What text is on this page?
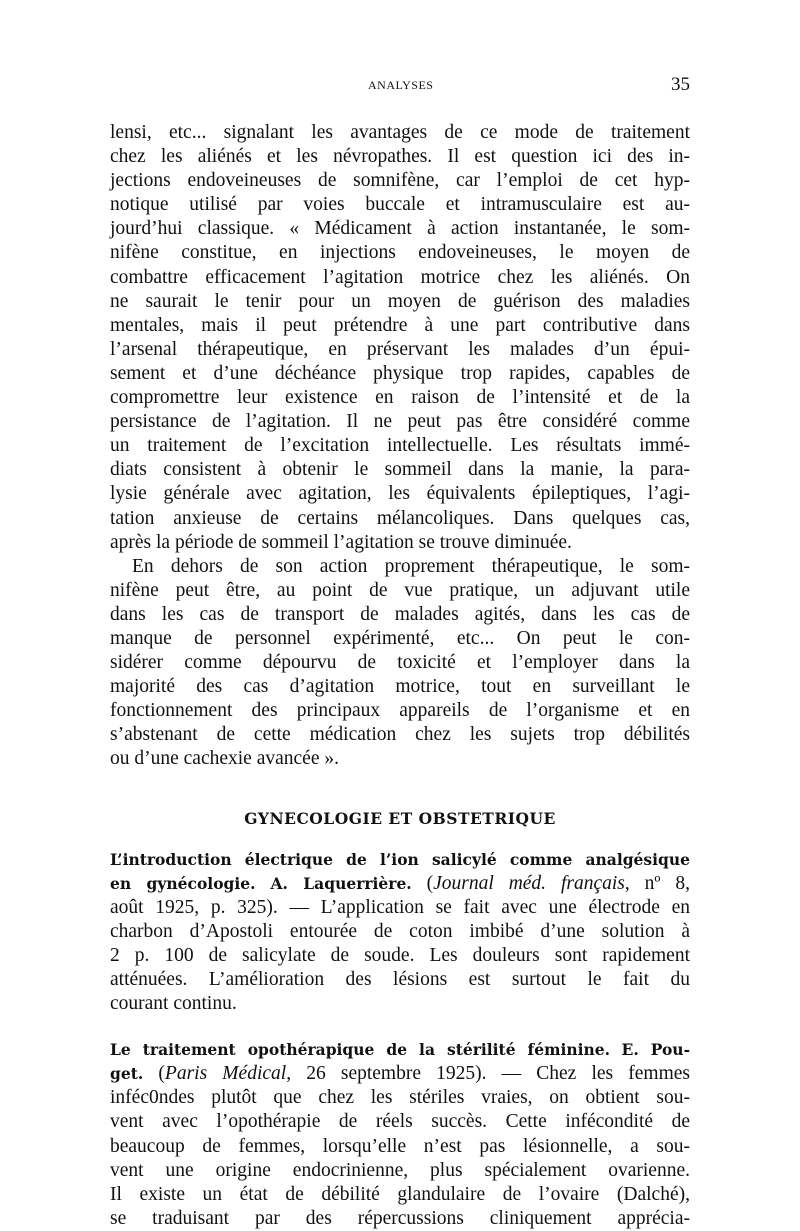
ANALYSES	35
lensi, etc... signalant les avantages de ce mode de traitement
chez les aliénés et les névropathes. Il est question ici des in-
jections endoveineuses de somnifène, car l’emploi de cet hyp-
notique utilisé par voies buccale et intramusculaire est au-
jourd’hui classique. « Médicament à action instantanée, le som-
nifène constitue, en injections endoveineuses, le moyen de
combattre efficacement l’agitation motrice chez les aliénés. On
ne saurait le tenir pour un moyen de guérison des maladies
mentales, mais il peut prétendre à une part contributive dans
l’arsenal thérapeutique, en préservant les malades d’un épui-
sement et d’une déchéance physique trop rapides, capables de
compromettre leur existence en raison de l’intensité et de la
persistance de l’agitation. Il ne peut pas être considéré comme
un traitement de l’excitation intellectuelle. Les résultats immé-
diats consistent à obtenir le sommeil dans la manie, la para-
lysie générale avec agitation, les équivalents épileptiques, l’agi-
tation anxieuse de certains mélancoliques. Dans quelques cas,
après la période de sommeil l’agitation se trouve diminuée.
En dehors de son action proprement thérapeutique, le som-
nifène peut être, au point de vue pratique, un adjuvant utile
dans les cas de transport de malades agités, dans les cas de
manque de personnel expérimenté, etc... On peut le con-
sidérer comme dépourvu de toxicité et l’employer dans la
majorité des cas d’agitation motrice, tout en surveillant le
fonctionnement des principaux appareils de l’organisme et en
s’abstenant de cette médication chez les sujets trop débilités
ou d’une cachexie avancée ».
GYNECOLOGIE ET OBSTETRIQUE
L’introduction électrique de l’ion salicylé comme analgésique
en gynécologie. A. Laquerrière. (Journal méd. français, nº 8,
août 1925, p. 325). — L’application se fait avec une électrode en
charbon d’Apostoli entourée de coton imbibé d’une solution à
2 p. 100 de salicylate de soude. Les douleurs sont rapidement
atténuées. L’amélioration des lésions est surtout le fait du
courant continu.
Le traitement opothérapique de la stérilité féminine. E. Pou-
get. (Paris Médical, 26 septembre 1925). — Chez les femmes
inféc0ndes plutôt que chez les stériles vraies, on obtient sou-
vent avec l’opothérapie de réels succès. Cette infécondité de
beaucoup de femmes, lorsqu’elle n’est pas lésionnelle, a sou-
vent une origine endocrinienne, plus spécialement ovarienne.
Il existe un état de débilité glandulaire de l’ovaire (Dalché),
se traduisant par des répercussions cliniquement apprécia-
